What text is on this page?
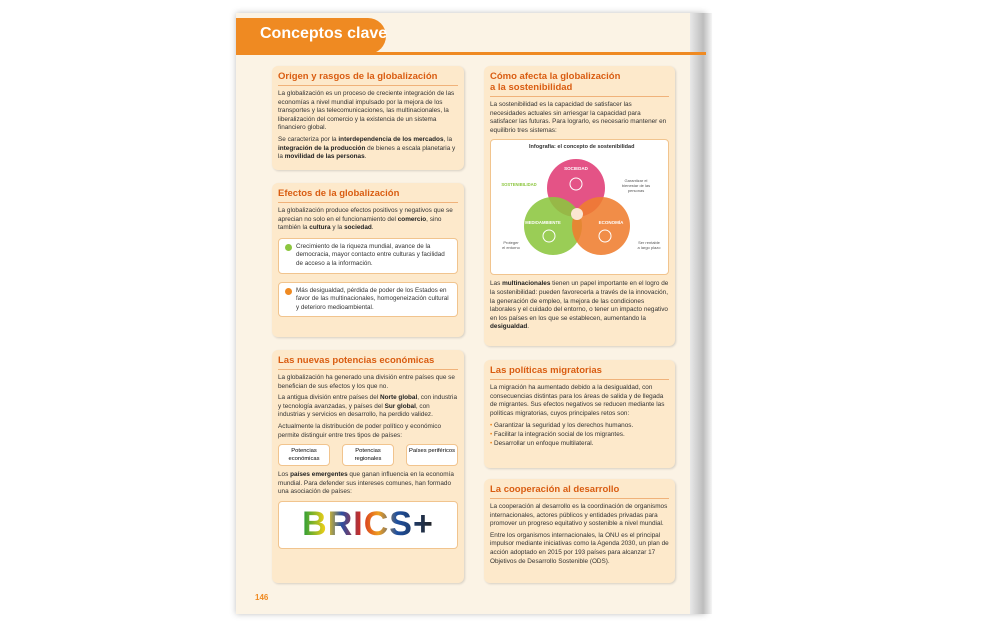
Conceptos clave
Origen y rasgos de la globalización
La globalización es un proceso de creciente integración de las economías a nivel mundial impulsado por la mejora de los transportes y las telecomunicaciones, las multinacionales, la liberalización del comercio y la existencia de un sistema financiero global.
Se caracteriza por la interdependencia de los mercados, la integración de la producción de bienes a escala planetaria y la movilidad de las personas.
Efectos de la globalización
La globalización produce efectos positivos y negativos que se aprecian no solo en el funcionamiento del comercio, sino también la cultura y la sociedad.
Crecimiento de la riqueza mundial, avance de la democracia, mayor contacto entre culturas y facilidad de acceso a la información.
Más desigualdad, pérdida de poder de los Estados en favor de las multinacionales, homogeneización cultural y deterioro medioambiental.
Las nuevas potencias económicas
La globalización ha generado una división entre países que se benefician de sus efectos y los que no.
La antigua división entre países del Norte global, con industria y tecnología avanzadas, y países del Sur global, con industrias y servicios en desarrollo, ha perdido validez.
Actualmente la distribución de poder político y económico permite distinguir entre tres tipos de países:
Potencias económicas
Potencias regionales
Países periféricos
Los países emergentes que ganan influencia en la economía mundial. Para defender sus intereses comunes, han formado una asociación de países:
BRICS+
Cómo afecta la globalización
a la sostenibilidad
La sostenibilidad es la capacidad de satisfacer las necesidades actuales sin arriesgar la capacidad para satisfacer las futuras. Para lograrlo, es necesario mantener en equilibrio tres sistemas:
Infografía: el concepto de sostenibilidad
SOCIEDAD
MEDIOAMBIENTE	ECONOMÍA
SOSTENIBILIDAD
Garantizar el
bienestar de las
personas
Proteger
el entorno
Ser rentable
a largo plazo
Las multinacionales tienen un papel importante en el logro de la sostenibilidad: pueden favorecerla a través de la innovación, la generación de empleo, la mejora de las condiciones laborales y el cuidado del entorno, o tener un impacto negativo en los países en los que se establecen, aumentando la desigualdad.
Las políticas migratorias
La migración ha aumentado debido a la desigualdad, con consecuencias distintas para los áreas de salida y de llegada de migrantes. Sus efectos negativos se reducen mediante las políticas migratorias, cuyos principales retos son:
• Garantizar la seguridad y los derechos humanos.
• Facilitar la integración social de los migrantes.
• Desarrollar un enfoque multilateral.
La cooperación al desarrollo
La cooperación al desarrollo es la coordinación de organismos internacionales, actores públicos y entidades privadas para promover un progreso equitativo y sostenible a nivel mundial.
Entre los organismos internacionales, la ONU es el principal impulsor mediante iniciativas como la Agenda 2030, un plan de acción adoptado en 2015 por 193 países para alcanzar 17 Objetivos de Desarrollo Sostenible (ODS).
146
